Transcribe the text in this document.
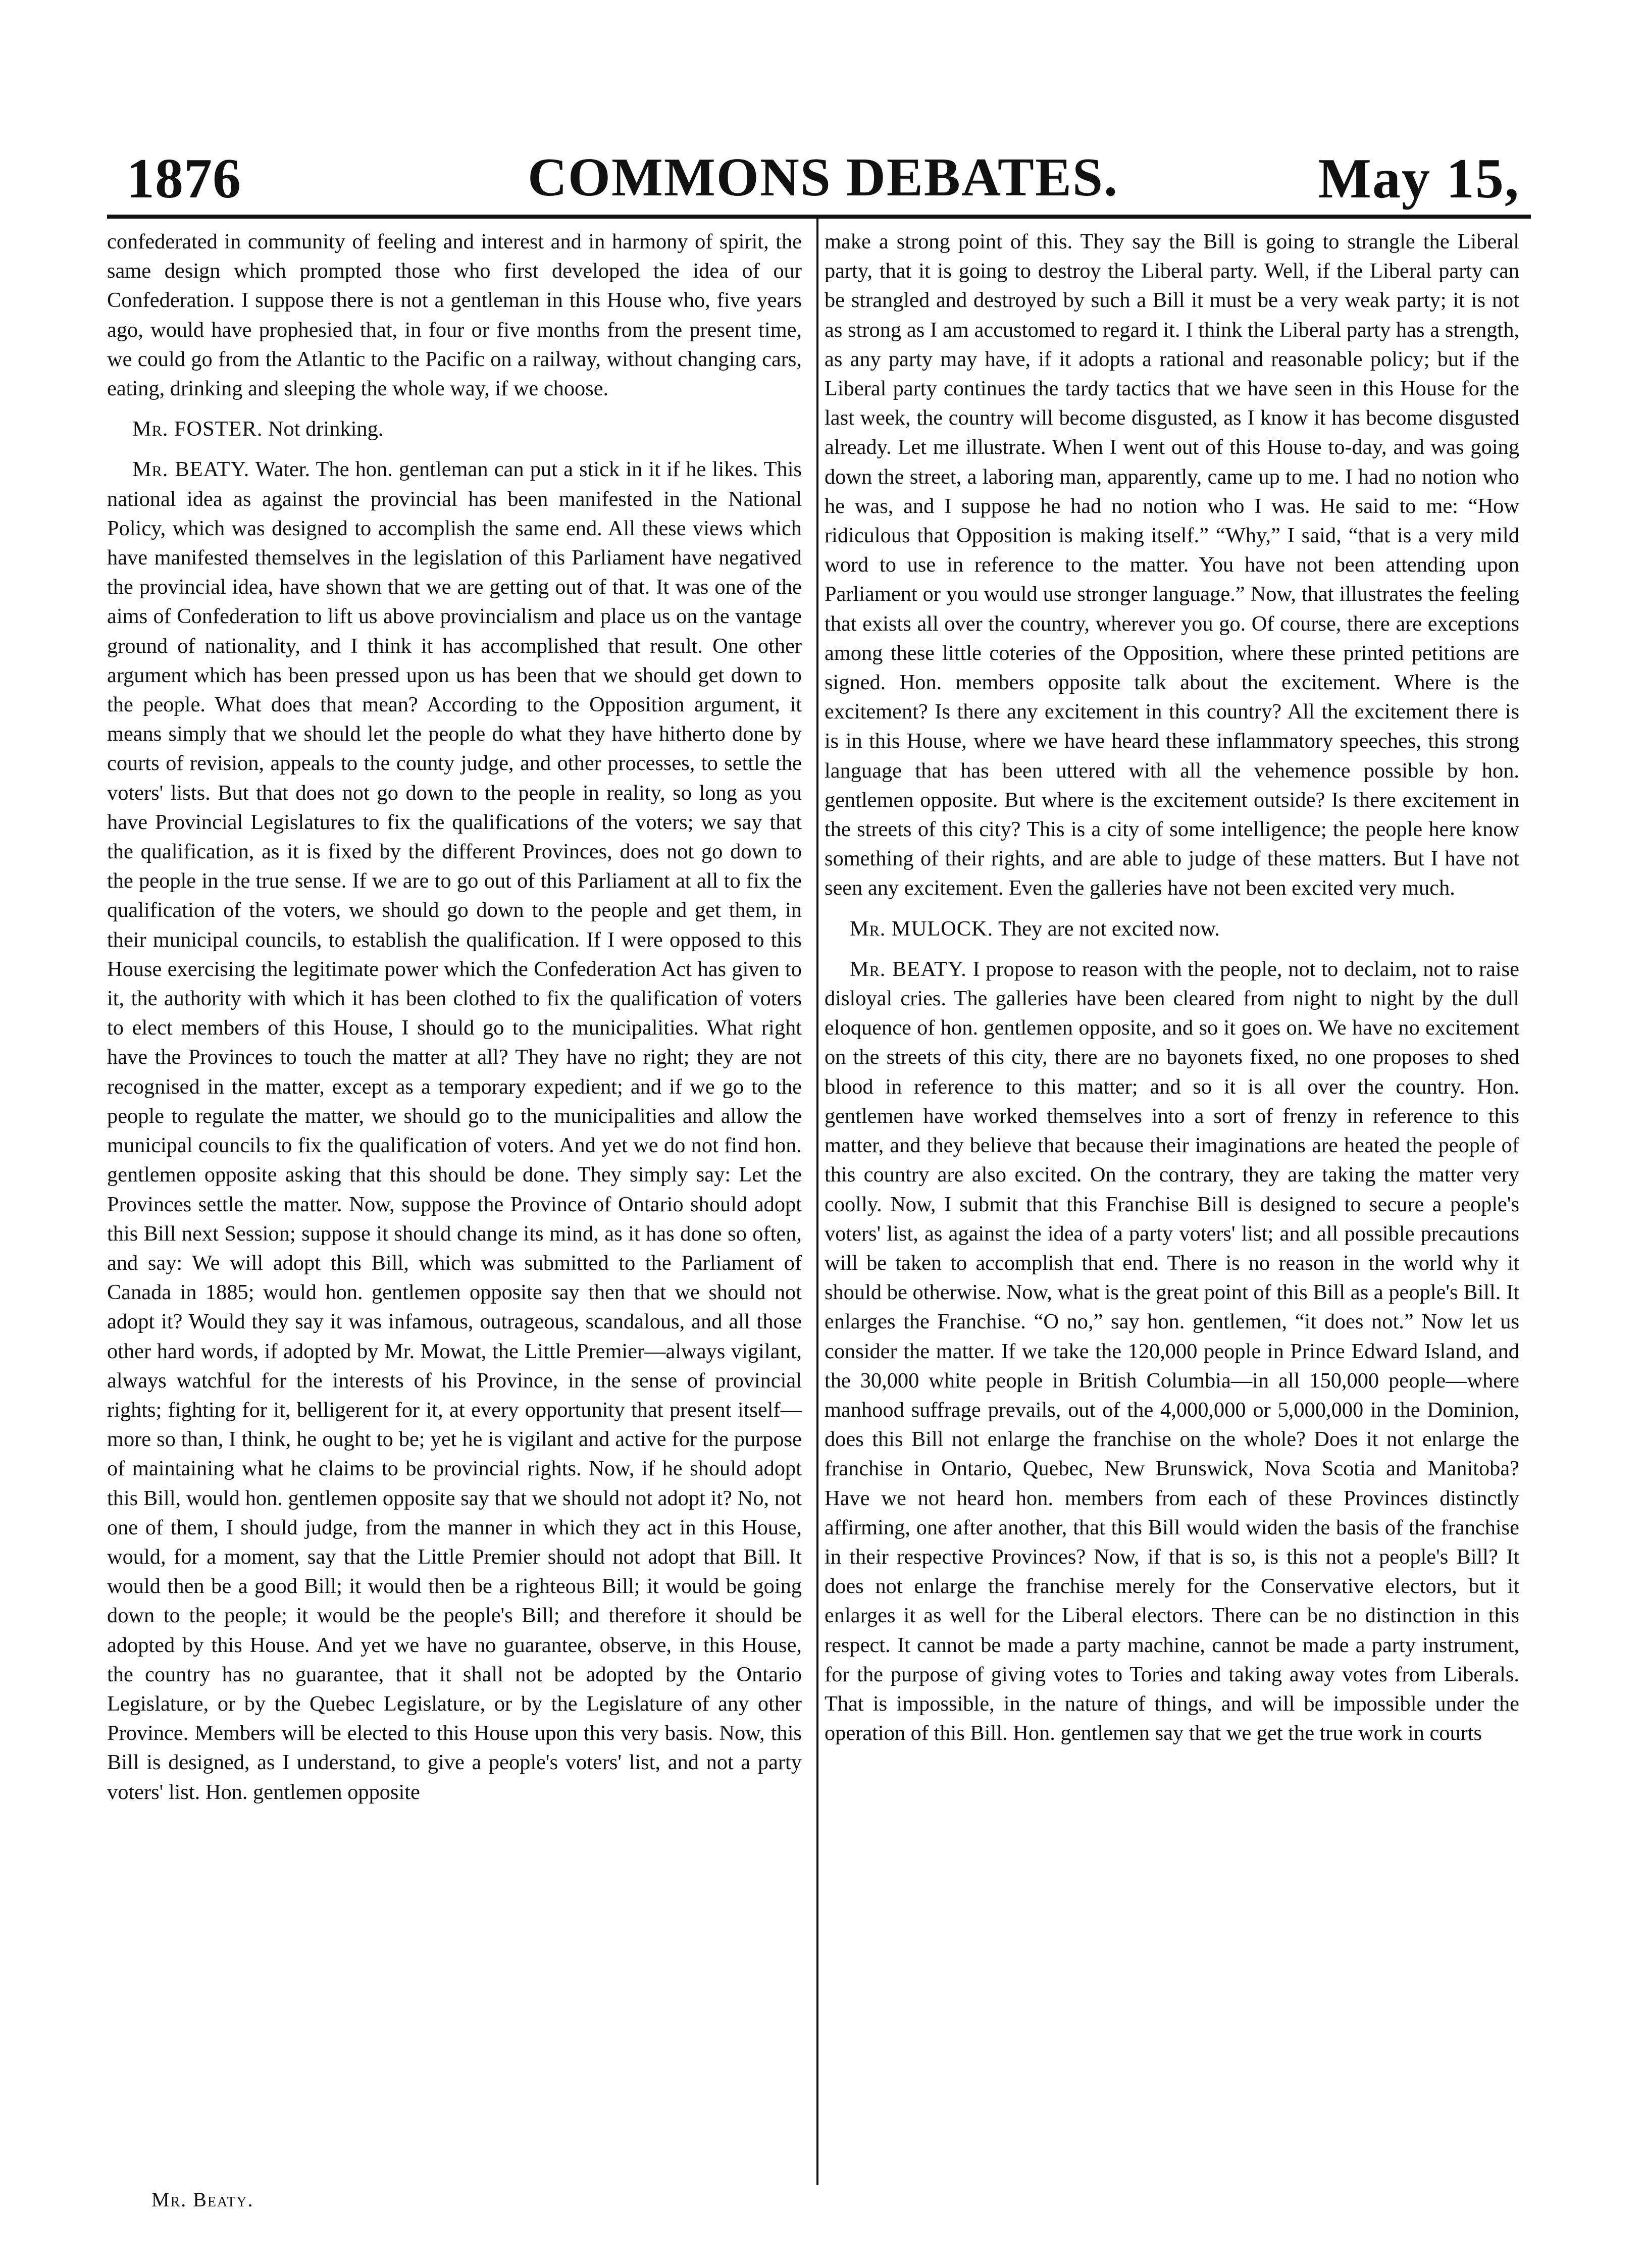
1876	COMMONS DEBATES.	May 15,

confederated in community of feeling and interest and in harmony of spirit, the same design which prompted those who first developed the idea of our Confederation. I suppose there is not a gentleman in this House who, five years ago, would have prophesied that, in four or five months from the present time, we could go from the Atlantic to the Pacific on a railway, without changing cars, eating, drinking and sleeping the whole way, if we choose.

Mr. FOSTER. Not drinking.

Mr. BEATY. Water. The hon. gentleman can put a stick in it if he likes. This national idea as against the provincial has been manifested in the National Policy, which was designed to accomplish the same end. All these views which have manifested themselves in the legislation of this Parliament have negatived the provincial idea, have shown that we are getting out of that. It was one of the aims of Confederation to lift us above provincialism and place us on the vantage ground of nationality, and I think it has accomplished that result. One other argument which has been pressed upon us has been that we should get down to the people. What does that mean? According to the Opposition argument, it means simply that we should let the people do what they have hitherto done by courts of revision, appeals to the county judge, and other processes, to settle the voters' lists. But that does not go down to the people in reality, so long as you have Provincial Legislatures to fix the qualifications of the voters; we say that the qualification, as it is fixed by the different Provinces, does not go down to the people in the true sense. If we are to go out of this Parliament at all to fix the qualification of the voters, we should go down to the people and get them, in their municipal councils, to establish the qualification. If I were opposed to this House exercising the legitimate power which the Confederation Act has given to it, the authority with which it has been clothed to fix the qualification of voters to elect members of this House, I should go to the municipalities. What right have the Provinces to touch the matter at all? They have no right; they are not recognised in the matter, except as a temporary expedient; and if we go to the people to regulate the matter, we should go to the municipalities and allow the municipal councils to fix the qualification of voters. And yet we do not find hon. gentlemen opposite asking that this should be done. They simply say: Let the Provinces settle the matter. Now, suppose the Province of Ontario should adopt this Bill next Session; suppose it should change its mind, as it has done so often, and say: We will adopt this Bill, which was submitted to the Parliament of Canada in 1885; would hon. gentlemen opposite say then that we should not adopt it? Would they say it was infamous, outrageous, scandalous, and all those other hard words, if adopted by Mr. Mowat, the Little Premier—always vigilant, always watchful for the interests of his Province, in the sense of provincial rights; fighting for it, belligerent for it, at every opportunity that present itself—more so than, I think, he ought to be; yet he is vigilant and active for the purpose of maintaining what he claims to be provincial rights. Now, if he should adopt this Bill, would hon. gentlemen opposite say that we should not adopt it? No, not one of them, I should judge, from the manner in which they act in this House, would, for a moment, say that the Little Premier should not adopt that Bill. It would then be a good Bill; it would then be a righteous Bill; it would be going down to the people; it would be the people's Bill; and therefore it should be adopted by this House. And yet we have no guarantee, observe, in this House, the country has no guarantee, that it shall not be adopted by the Ontario Legislature, or by the Quebec Legislature, or by the Legislature of any other Province. Members will be elected to this House upon this very basis. Now, this Bill is designed, as I understand, to give a people's voters' list, and not a party voters' list. Hon. gentlemen opposite

make a strong point of this. They say the Bill is going to strangle the Liberal party, that it is going to destroy the Liberal party. Well, if the Liberal party can be strangled and destroyed by such a Bill it must be a very weak party; it is not as strong as I am accustomed to regard it. I think the Liberal party has a strength, as any party may have, if it adopts a rational and reasonable policy; but if the Liberal party continues the tardy tactics that we have seen in this House for the last week, the country will become disgusted, as I know it has become disgusted already. Let me illustrate. When I went out of this House to-day, and was going down the street, a laboring man, apparently, came up to me. I had no notion who he was, and I suppose he had no notion who I was. He said to me: “How ridiculous that Opposition is making itself.” “Why,” I said, “that is a very mild word to use in reference to the matter. You have not been attending upon Parliament or you would use stronger language.” Now, that illustrates the feeling that exists all over the country, wherever you go. Of course, there are exceptions among these little coteries of the Opposition, where these printed petitions are signed. Hon. members opposite talk about the excitement. Where is the excitement? Is there any excitement in this country? All the excitement there is is in this House, where we have heard these inflammatory speeches, this strong language that has been uttered with all the vehemence possible by hon. gentlemen opposite. But where is the excitement outside? Is there excitement in the streets of this city? This is a city of some intelligence; the people here know something of their rights, and are able to judge of these matters. But I have not seen any excitement. Even the galleries have not been excited very much.

Mr. MULOCK. They are not excited now.

Mr. BEATY. I propose to reason with the people, not to declaim, not to raise disloyal cries. The galleries have been cleared from night to night by the dull eloquence of hon. gentlemen opposite, and so it goes on. We have no excitement on the streets of this city, there are no bayonets fixed, no one proposes to shed blood in reference to this matter; and so it is all over the country. Hon. gentlemen have worked themselves into a sort of frenzy in reference to this matter, and they believe that because their imaginations are heated the people of this country are also excited. On the contrary, they are taking the matter very coolly. Now, I submit that this Franchise Bill is designed to secure a people's voters' list, as against the idea of a party voters' list; and all possible precautions will be taken to accomplish that end. There is no reason in the world why it should be otherwise. Now, what is the great point of this Bill as a people's Bill. It enlarges the Franchise. “O no,” say hon. gentlemen, “it does not.” Now let us consider the matter. If we take the 120,000 people in Prince Edward Island, and the 30,000 white people in British Columbia—in all 150,000 people—where manhood suffrage prevails, out of the 4,000,000 or 5,000,000 in the Dominion, does this Bill not enlarge the franchise on the whole? Does it not enlarge the franchise in Ontario, Quebec, New Brunswick, Nova Scotia and Manitoba? Have we not heard hon. members from each of these Provinces distinctly affirming, one after another, that this Bill would widen the basis of the franchise in their respective Provinces? Now, if that is so, is this not a people's Bill? It does not enlarge the franchise merely for the Conservative electors, but it enlarges it as well for the Liberal electors. There can be no distinction in this respect. It cannot be made a party machine, cannot be made a party instrument, for the purpose of giving votes to Tories and taking away votes from Liberals. That is impossible, in the nature of things, and will be impossible under the operation of this Bill. Hon. gentlemen say that we get the true work in courts

Mr. Beaty.
